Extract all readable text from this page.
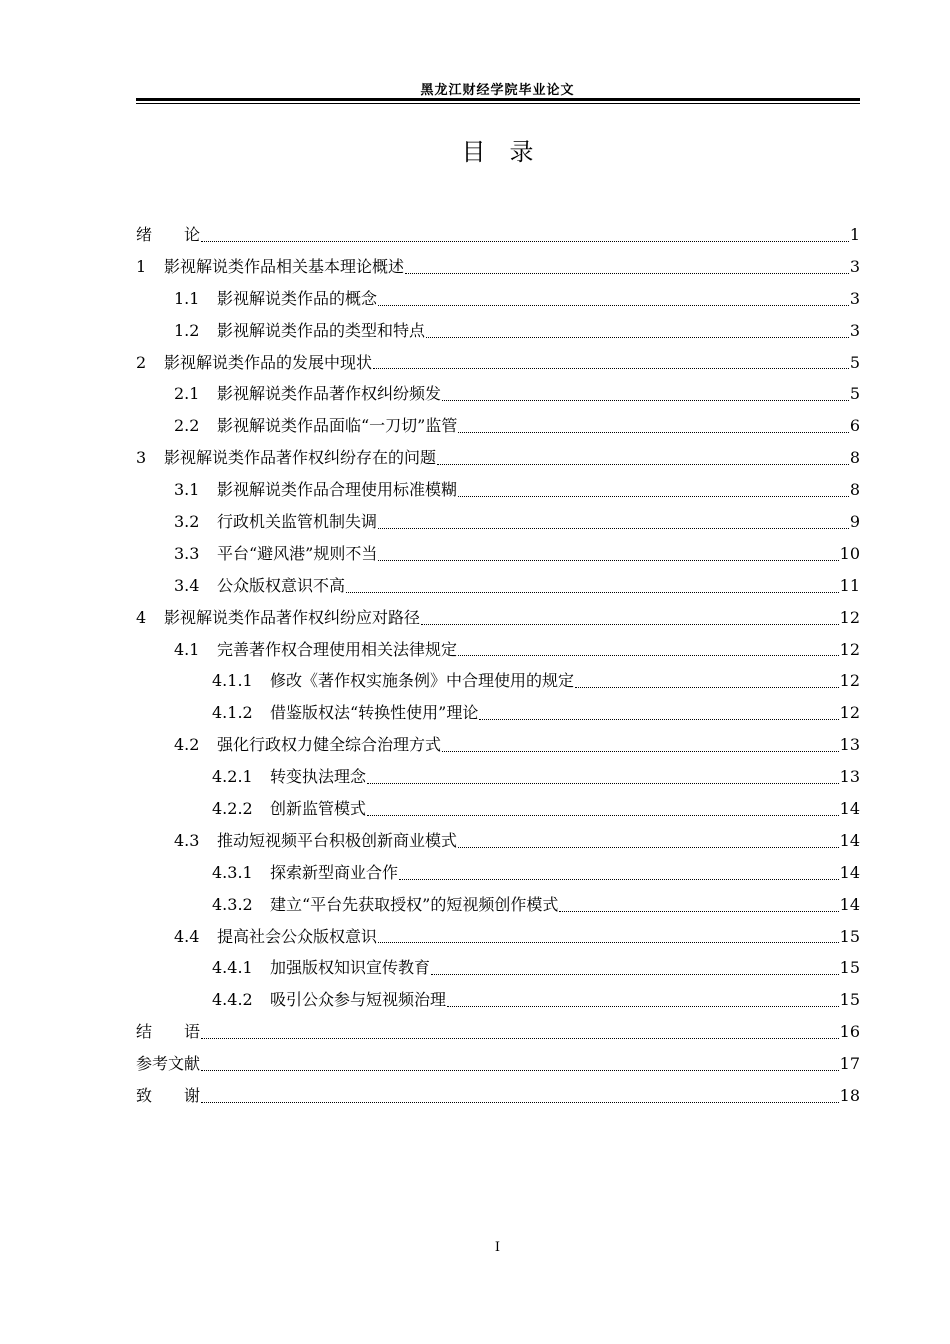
黑龙江财经学院毕业论文
目　录
绪　　论	1
1	影视解说类作品相关基本理论概述	3
1.1	影视解说类作品的概念	3
1.2	影视解说类作品的类型和特点	3
2	影视解说类作品的发展中现状	5
2.1	影视解说类作品著作权纠纷频发	5
2.2	影视解说类作品面临“一刀切”监管	6
3	影视解说类作品著作权纠纷存在的问题	8
3.1	影视解说类作品合理使用标准模糊	8
3.2	行政机关监管机制失调	9
3.3	平台“避风港”规则不当	10
3.4	公众版权意识不高	11
4	影视解说类作品著作权纠纷应对路径	12
4.1	完善著作权合理使用相关法律规定	12
4.1.1	修改《著作权实施条例》中合理使用的规定	12
4.1.2	借鉴版权法“转换性使用”理论	12
4.2	强化行政权力健全综合治理方式	13
4.2.1	转变执法理念	13
4.2.2	创新监管模式	14
4.3	推动短视频平台积极创新商业模式	14
4.3.1	探索新型商业合作	14
4.3.2	建立“平台先获取授权”的短视频创作模式	14
4.4	提高社会公众版权意识	15
4.4.1	加强版权知识宣传教育	15
4.4.2	吸引公众参与短视频治理	15
结　　语	16
参考文献	17
致　　谢	18
I
